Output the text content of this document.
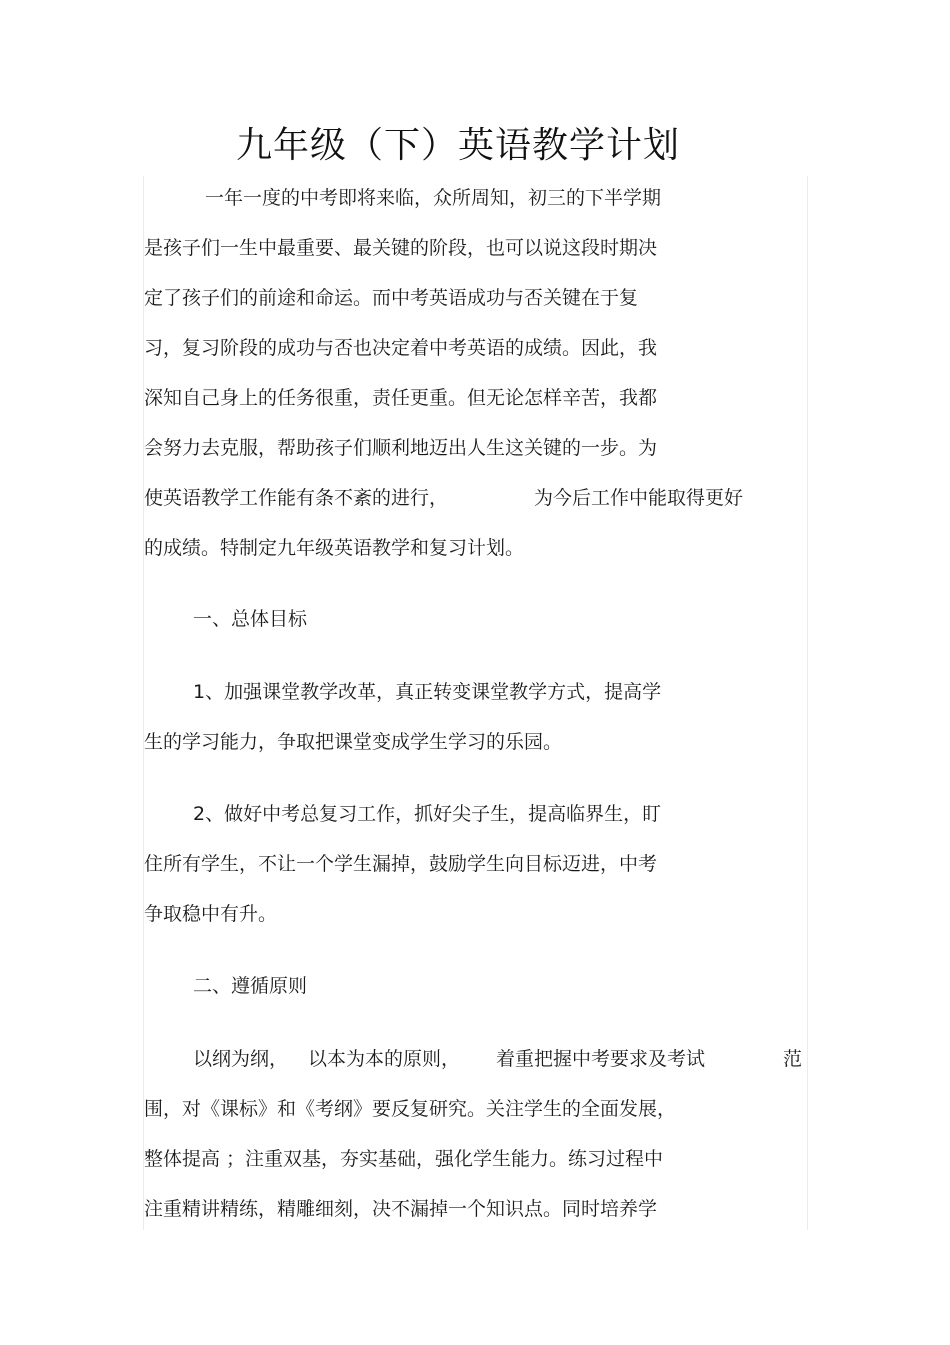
九年级（下）英语教学计划
一年一度的中考即将来临，众所周知，初三的下半学期
是孩子们一生中最重要、最关键的阶段，也可以说这段时期决
定了孩子们的前途和命运。而中考英语成功与否关键在于复
习，复习阶段的成功与否也决定着中考英语的成绩。因此，我
深知自己身上的任务很重，责任更重。但无论怎样辛苦，我都
会努力去克服，帮助孩子们顺利地迈出人生这关键的一步。为

使英语教学工作能有条不紊的进行，

	为今后工作中能取得更好

的成绩。特制定九年级英语教学和复习计划。
一、总体目标
1、加强课堂教学改革，真正转变课堂教学方式，提高学
生的学习能力，争取把课堂变成学生学习的乐园。
2、做好中考总复习工作，抓好尖子生，提高临界生，盯
住所有学生，不让一个学生漏掉，鼓励学生向目标迈进，中考
争取稳中有升。
二、遵循原则

以纲为纲，

以本为本的原则，

着重把握中考要求及考试

	范

围，对《课标》和《考纲》要反复研究。关注学生的全面发展，
整体提高 ；注重双基，夯实基础，强化学生能力。练习过程中
注重精讲精练，精雕细刻，决不漏掉一个知识点。同时培养学
